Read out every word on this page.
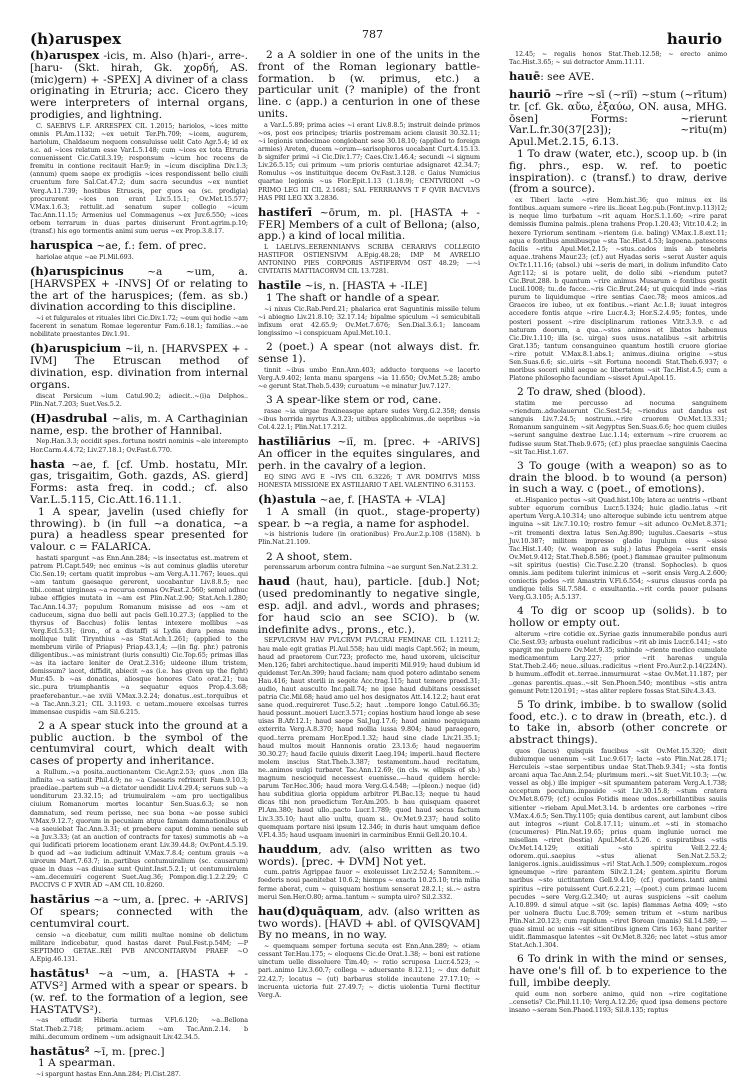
(h)aruspex	787	haurio

(h)aruspex -icis, m. Also (h)ari-, arre-. [haru- (Skt. hirah, Gk. χορδή, AS. (mic)gern) + -SPEX] A diviner of a class originating in Etruria; acc. Cicero they were interpreters of internal organs, prodigies, and lightning.

C. SAEBIVS L.F. ARRESPEX CIL 1.2015; hariolos, ~ices mitte omnis Pl.Am.1132; ~ex uetuit Ter.Ph.709; ~icem, augurem, hariolum, Chaldaeum nequem consuluisse uelit Cato Agr.5.4; id ex s.c. ad ~ices relatum esse Var.L.5.148; cum ~ices ex tota Etruria conuenissent Cic.Catil.3.19; responsum ~icum hoc recens de fremitu in contione recitauit Har.9; in ~icum disciplina Div.1.3; (annum) quem saepe ex prodigiis ~ices respondissent bello ciuili cruentum fore Sal.Cat.47.2; dum sacra secundus ~ex nuntiet Verg.A.11.739; hostibus Etruscis, per quos ea (sc. prodigia) procurarent ~ices non erant Liv.5.15.1; Ov.Met.15.577; V.Max.1.6.3; rettulit..ad senatum super collegio ~icum Tac.Ann.11.15; Armenius uel Commagenus ~ex Juv.6.550; ~ices orbem terrarum in duas partes diuiserunt Front.agrim.p.10; (transf.) his ego tormentis animi sum uerus ~ex Prop.3.8.17.

haruspica ~ae, f.: fem. of prec.

hariolae atque ~ae Pl.Mil.693.

(h)aruspicinus ~a ~um, a. [HARVSPEX + -INVS] Of or relating to the art of the haruspices; (fem. as sb.) divination according to this discipline.

~i et fulgurales et rituales libri Cic.Div.1.72; ~eum qui hodie ~am facerent in senatum Romae legerentur Fam.6.18.1; familias..~ae nobilitate praestantes Div.1.91.

(h)aruspicium ~ii, n. [HARVSPEX + -IVM] The Etruscan method of divination, esp. divination from internal organs.

discat Persicum ~ium Catul.90.2; adiecit..~(i)a Delphos.. Plin.Nat.7.203; Suet.Ves.5.2.

(H)asdrubal ~alis, m. A Carthaginian name, esp. the brother of Hannibal.

Nep.Han.3.3; occidit spes..fortuna nostri nominis ~ale interempto Hor.Carm.4.4.72; Liv.27.18.1; Ov.Fast.6.770.

hasta ~ae, f. [cf. Umb. hostatu, MIr. gas, trisgaitim, Goth. gazds, AS. gierd] Forms: asta freq. in codd.; cf. also Var.L.5.115, Cic.Att.16.11.1.

1 A spear, javelin (used chiefly for throwing). b (in full ~a donatica, ~a pura) a headless spear presented for valour. c = FALARICA.

hastati spargunt ~as Enn.Ann.284; ~is insectatus est..matrem et patrem Pl.Capt.549; nec eminus ~is aut cominus gladiis uteretur Cic.Sen.19; certam quatit improbus ~am Verg.A.11.767; leues..qui ~am tantum gaesaque gererent, uocabantur Liv.8.8.5; nec tibi..comat uirgineas ~a recurua comas Ov.Fast.2.560; semel adhuc iubae effigies mutata in ~am est Plin.Nat.2.90; Stat.Ach.1.280; Tac.Ann.14.37; populum Romanum misisse ad eos ~am et caduceum, signa duo belli aut pacis Gell.10.27.3; (applied to the thyrsus of Bacchus) foliis lentas intexere mollibus ~as Verg.Ecl.5.31; (iron., of a distaff) si Lydia dura pensa manu mollique tulit Tirynthius ~as Stat.Ach.1.261; (applied to the membrum virile of Priapus) Priap.43.1,4; —(in fig. phr.) patronis diligentibus..~as ministrant (iuris consulti) Cic.Top.65; primas illas ~as ita iactare leniter de Orat.2.316; uideone illum tristem, demissum? iacet, diffidit, abiecit ~as (i.e. has given up the fight) Mur.45. b ~as donaticas, aliosque honores Cato orat.21; tua sic..pura triumphantis ~a sequatur equos Prop.4.3.68; praeferebantur..~ae xviii V.Max.3.2.24; donatus..est..torquibus et ~a Tac.Ann.3.21; CIL 3.1193. c uetam..mouere excelsas turres immensae cuspidis ~am Sil.6.215.

2 a A spear stuck into the ground at a public auction. b the symbol of the centumviral court, which dealt with cases of property and inheritance.

a Rullum..~a posita..auctionantem Cic.Agr.2.53; quos ..non illa infinita ~a satiauit Phil.4.9; ne ~a Caesaris refrixerit Fam.9.10.3; praediae..partem sub ~a dictator uendidit Liv.4.29.4; seruos sub ~a uenditurum 23.32.15; ad triumuiralem ~am pro uectigalibus ciuium Romanorum mortes locantur Sen.Suas.6.3; se non damnatum, sed reum perisse, nec sua bona ~ae posse subici V.Max.9.12.7; quorum in pecuniam atque famam damnationibus et ~a saeuiebat Tac.Ann.3.31; et praebere caput domina uenale sub ~a Juv.3.33; (at an auction of contracts for taxes) summotis ab ~a qui ludificati priorem locationem erant Liv.39.44.8; Ov.Pont.4.5.19. b quod ad ~ae iudicium adtinuit V.Max.7.8.4; centum grauis ~a uirorum Mart.7.63.7; in..partibus centumuiralium (sc. causarum) quae in duas ~as diuisae sunt Quint.Inst.5.2.1; ut centumuiralem ~am..decemuiri cogerent Suet.Aug.36; Pompon.dig.1.2.2.29; C PACCIVS C F XVIR AD ~AM CIL 10.8260.

hastārius ~a ~um, a. [prec. + -ARIVS] Of spears; connected with the centumviral court.

censio ~a dicebatur, cum militi multae nomine ob delictum militare indicebatur, quod hastas daret Paul.Fest.p.54M; —P SEPTIMIO GETAE..REI PVB ANCONITARVM PRAEF ~O A.Epig.46.131.

hastātus¹ ~a ~um, a. [HASTA + -ATVS²] Armed with a spear or spears. b (w. ref. to the formation of a legion, see HASTATVS²).

~as effudit Hiberia turmas V.Fl.6.120; ~a..Bellona Stat.Theb.2.718; primam..aciem ~am Tac.Ann.2.14. b mihi..decumum ordinem ~um adsignauit Liv.42.34.5.

hastātus² ~ī, m. [prec.]

1 A spearman.

~i spargunt hastas Enn.Ann.284; Pl.Cist.287.

2 a A soldier in one of the units in the front of the Roman legionary battle-formation. b (w. primus, etc.) a particular unit (? maniple) of the front line. c (app.) a centurion in one of these units.

a Var.L.5.89; prima acies ~i erant Liv.8.8.5; instruit deinde primos ~os, post eos principes; triariis postremam aciem clausit 30.32.11; ~i legionis undecimae conglobant sese 30.18.10; (applied to foreign armies) Areten, ducem ~orum—sarisophoros uocabant Curt.4.15.13. b signifer primi ~i Cic.Div.1.77; Caes.Civ.1.46.4; secundi ~i signum Liv.26.5.15; cui primum ~um prioris centuriae adsignaret 42.34.7; Romulus ~os instituitque decem Ov.Fast.3.128. c Gaius Numicius quartae legionis ~us Flor.Epit.1.13 (1.18.9); CENTVRIONI ~O PRIMO LEG III CIL 2.1681; SAL FERRRANVS T F QVIR BACVLVS HAS PRI LEG XX 3.2836.

hastiferī ~ōrum, m. pl. [HASTA + -FER] Members of a cult of Bellona; (also, app.) a kind of local militia.

L LAELIVS..EERENNIANVS SCRIBA CERARIVS COLLEGIO HASTIFOR OSTIENSIVM A.Epig.48.28; IMP M AVRELIO ANTONINO PIES CORPORIS ASTIFERVM OST 48.29; —~i CIVITATIS MATTIACORVM CIL 13.7281.

hastīle ~is, n. [HASTA + -ILE]

1 The shaft or handle of a spear.

~i nixus Cic.Rab.Perd.21; phalarica erat Saguntinis missile telum ~i abiegno Liv.21.8.10; 32.17.14; bipalme spiculum ~i semicubitali infixum erat 42.65.9; Ov.Met.7.676; Sen.Dial.3.6.1; lanceam longissimo ~i conspicuam Apul.Met.10.1.

2 (poet.) A spear (not always dist. fr. sense 1).

tinnit ~ibus umbo Enn.Ann.403; adducto torquens ~e lacerto Verg.A.9.402; lenta manu spargens ~ia 11.650; Ov.Met.5.28; ambo ~e gerunt Stat.Theb.5.439; curuatum ~e minatur Juv.7.127.

3 A spear-like stem or rod, cane.

rasae ~ia uirgae fraxineasque aptare sudes Verg.G.2.358; densis ~ibus horrida myrtus A.3.23; uitibus applicabimus..de uepribus ~ia Col.4.22.1; Plin.Nat.17.212.

hastīliārius ~iī, m. [prec. + -ARIVS] An officer in the equites singulares, and perh. in the cavalry of a legion.

EQ SING AVG E ~IVS CIL 6.3226; T AVR DOMITVS MISS HONESTA MISSIONE EX ASTILIARIO T AEL VALENTINO 6.31153.

(h)astula ~ae, f. [HASTA + -VLA]

1 A small (in quot., stage-property) spear. b ~a regia, a name for asphodel.

~is histrionis ludere (in orationibus) Fro.Aur.2.p.108 (158N). b Plin.Nat.21.109.

2 A shoot, stem.

perenssarum arborum contra fulmina ~ae surgunt Sen.Nat.2.31.2.

haud (haut, hau), particle. [dub.] Not; (used predominantly to negative single, esp. adjl. and advl., words and phrases; for haud scio an see SCIO). b (w. indefinite advs., prons., etc.).

SEPVLCRVM HAV PVLCRVM PVLCRAI FEMINAE CIL 1.1211.2; hau male egit gratias Pl.Aul.558; hau uidi magis Capt.562; in meum, haud ad praetorem Cur.723; profecto me, haud uxorem, ulciscitur Men.126; fabri architectique..haud imperiti Mil.919; haud dubium id quidemst Ter.An.399; haud faciam; nam quod potero adintabo senem Hau.416; haut sterili in segete Acc.trag.115; haut temere praed.31; audio, haut ausculto Inc.pall.74; ne ipse haud dubitans cessisset patria Cic.Mil.68; haud amo uel hos designatos Att.14.12.2; haut erat sane quod..requireret Tusc.5.2; haut ..tempore longo Catul.66.35; haud possunt..moueri Lucr.3.571; copias hostium haud longe ab sese uisas B.Afr.12.1; haud saepe Sal.Jug.17.6; haud animo nequiquam exterrita Verg.A.8.370; haud mollia iussa 9.804; haud paraegero, quod..terra premam Hor.Epod.1.32; haud sine clade Liv.21.35.1; haud multos mouit Hannonis oratio 23.13.6; haud negauerim 30.30.27; haud facile quiuis dixerit Laeg.194; imperii..haud flectere molem inscius Stat.Theb.3.387; testamentum..haud recitatum, ne..animos uulgi turbaret Tac.Ann.12.69; (in cls. w. ellipsis of sb.) magnum nescioquid necessest euenisse..—haud quidem hercle: parum Ter.Hec.306; haud mora Verg.G.4.548; —(pleon.) neque (id) hau subditiua gloria oppidum arbitror Pl.Bac.13; neque tu haud dicas tibi non praedictum Ter.Am.205. b hau quisquam quaeret Pl.Am.380; haud ullo..pacto Lucr.1.789; quod haud secus factum Liv.3.35.10; haut alio uultu, quam si.. Ov.Met.9.237; haud solito quemquam portare nisi ipsum 12.346; in duris haut umquam defice V.Fl.4.35; haud usquam inueniri in carminibus Ennii Gell.20.10.4.

hauddum, adv. (also written as two words). [prec. + DVM] Not yet.

cum..patris Agrippae fauor ~ exoleuisset Liv.2.52.4; Samnitem..~ foederis noui paenitebat 10.6.2; hiemps ~ exacta 10.25.10; tria milia ferme aberat, cum ~ quisquam hostium senserat 28.2.1; si..~ astra merui Sen.Her.O.80; arma..tantum ~ sumpta uiro? Sil.2.332.

hau(d)quāquam, adv. (also written as two words). [HAVD + abl. of QVISQVAM] By no means, in no way.

~ quemquam semper fortuna secuta est Enn.Ann.289; ~ etiam cessant Ter.Hau.175; ~ eloquens Cic.de Orat.1.38; ~ boni est ratione uinctum uelle dissoluere Tim.40; ~ ratio scruposa Lucr.4.523; ~ pari..animo Liv.3.60.7; collega ~ aduersante 8.12.11; ~ dux defuit 22.42.7; locatus ~ (ut) barbarus stolide incautene 27.17.10; ~ incruenta uictoria fuit 27.49.7; ~ dictis uiolentia Turni flectitur Verg.A.

12.45; ~ regalis honos Stat.Theb.12.58; ~ erecto animo Tac.Hist.3.65; ~ sui detractor Amm.11.11.

hauē: see AVE.

hauriō ~rīre ~sī (~riī) ~stum (~rītum) tr. [cf. Gk. αὔω, ἐξαύω, ON. ausa, MHG. ōsen] Forms: ~rierunt Var.L.fr.30(37[23]); ~ritu(m) Apul.Met.2.15, 6.13.

1 To draw (water, etc.), scoop up. b (in fig. phrs., esp. w. ref. to poetic inspiration). c (transf.) to draw, derive (from a source).

ex Tiberi lacte ~rire Hem.hist.36; quo minus ex iis fontibus..aquam sumere ~rire iis..liceat Leg.pub.(Font.inv.p.113)12; is neque limo turbatum ~rit aquam Hor.S.1.1.60; ~rire parat demissis flumina palmis..plena trahens Prop.1.20.43; Vitr.10.4.2; in hexere Tyriorum sentinam ~rientem (i.e. baling) V.Max.1.8.ext.11; aqua e fontibus amnibusque ~sta Tac.Hist.4.53; lagoena..patescens facilis ~ritu Apul.Met.2.15; ~stus..cados imis ab tenebris aquae..trahens Maur.23; (cf.) aut Hyadas seris ~serat Auster aquis Ov.Tr.1.11.16; (absol.) ubi ~seris de mari, in dolium infundito Cato Agr.112; si is potare uelit, de dolio sibi ~riendum putet? Cic.Brut.288. b quantum ~rire animus Musarum e fontibus gestit Lucil.1008; tu..de facce..~ris Cic.Brut.244; ut quicquid inde ~rias purum te liquidumque ~rire sentias Caec.78; meos amicos..ad Graecos ire iubeo, ut ex fontibus..~riant Ac.1.8; iuuat integros accedere fontis atque ~rire Lucr.4.3; Hor.S.2.4.95; fontes, unde posteri possent ~rire disciplinarum rationes Vitr.3.3.9. c ad naturam deorum, a qua..~stos animos et libatos habemus Cic.Div.1.110; illa (sc. uirga) suos usus..natalibus ~sit arbitriis Grat.135; tantum consanguineo quantum hostili cruore gloriae ~rire potuit V.Max.8.1.abs.1; animus..diuina origine ~stus Sen.Suas.6.6; sic..uiris ~sit Fortuna nocendi Stat.Theb.6.937; e moribus soceri nihil aeque ac libertatem ~sit Tac.Hist.4.5; cum a Platone philosopho facundiam ~sisset Apul.Apol.15.

2 To draw, shed (blood).

statim me percusso ad nocuma sanguinem ~riendum..aduolauerunt Cic.Sest.54; ~riendus aut dandus est sanguis Liv.7.24.5; nostrum..~rire cruorem Ov.Met.13.331; Romanum sanguinem ~sit Aegyptus Sen.Suas.6.6; hoc quem ciuiles ~serunt sanguine dextrae Luc.1.14; externum ~rire cruorem ac fudisse suum Stat.Theb.9.675; (cf.) plus praeclae sanguinis Caecina ~sit Tac.Hist.1.67.

3 To gouge (with a weapon) so as to drain the blood. b to wound (a person) in such a way. c (poet., of emotions).

et..Hispanico pectus ~sit Quad.hist.10b; latera ac uentris ~ribant subter equorum cornibus Lucr.5.1324; huic gladio..latus ~rit apertum Verg.A.10.314; uno alteroque subinde ictu uentrem atque inguina ~sit Liv.7.10.10; rostro femur ~sit adunco Ov.Met.8.371; ~rit trementi dextra latus Sen.Ag.890; iugulus..Caesaris ~stus Juv.10.387; militem impresso gladio iugulum eius ~sisse Tac.Hist.1.40; (w. weapon as subj.) latus Phegeia ~serit ensis Ov.Met.9.412; Stat.Theb.8.586; (poet.) flammae grauiter pulmonum ~sit spiritus (uestis) Cic.Tusc.2.20 (transl. Sophocles). b quos omnis..iam peditem tulerint inimicus et ~serit ensis Verg.A.2.600; coniectis pedes ~rit Amastrin V.Fl.6.554; ~surus clausus corda pa undique telis Sil.7.584. c exsultantia..~rit corda pauor pulsans Verg.G.3.105; A.5.137.

4 To dig or scoop up (solids). b to hollow or empty out.

alterum ~rire cotidie ex..Syriae gazis innumerabile pondus auri Cic.Sest.93; arbusta euelunt radicibus ~rit ab imis Lucr.6.141; ~sto spargit me puluere Ov.Met.9.35; subinde ~riente medico cumulate medicamentum Larg.227; prior ~rit harenas ungula Stat.Theb.2.46; neue..siluas..radicitus ~rient Fro.Aur.2.p.14(224N). b humum..effodit et..terrae..inmurmurat ~stae Ov.Met.11.187; per ..genas parentis..quas..~sit Sen.Phoen.540; montibus ~stis antra gemunt Petr.120.l.91; ~stas aliter replere fossas Stat.Silv.4.3.43.

5 To drink, imbibe. b to swallow (solid food, etc.). c to draw in (breath, etc.). d to take in, absorb (other concrete or abstract things).

quos (lacus) quisquis faucibus ~sit Ov.Met.15.320; dixit dubiumque uenenum ~sit Luc.9.617; lacte ~sto Plin.Nat.28.171; Herculeis ~stae serpentibus undae Stat.Theb.9.341; ~sta fontis arcani aqua Tac.Ann.2.54; plurimum meri..~sit Suet.Vit.10.3; —(w. vessel as obj.) ille impiger ~sit spumantem pateram Verg.A.1.738; acceptum poculum..inpauide ~sit Liv.30.15.8; ~stum cratera Ov.Met.8.679; (cf.) oculos Fotidis meae udos..sorbillantibus sauiis sitienter ~riebam Apul.Met.3.14. b ardentes ore carbones ~rire V.Max.4.6.5; Sen.Thy.1105; quia dentibus carent, aut lambunt cibos aut integros ~riunt Col.8.17.11; uinum..et ~sti in stomacho (cucumeres) Plin.Nat.19.65; prius quam inglunie uoraci me misellam ~riret (bestia) Apul.Met.4.5.26. c suspiratibus ~stis Ov.Met.14.129; exitiali ~sto spiritu Vell.2.22.4; odorem..qui..saepius ~stus alienat Sen.Nat.2.53.2; lanigeros..ignis..auidissimus ~ri! Stat.Ach.1.509; complexum..rogos igneumque ~rire parantem Silv.2.1.24; gentem..spiritu florum naribus ~sto uictitantem Gell.9.4.10; (cf.) quotiens..tanti animi spiritus ~rire potuissent Curt.6.2.21; —(poet.) cum primae lucem pecudes ~sere Verg.G.2.340; ut auras suspiciens ~sit caelum A.10.899. d simul atque ~sit (sc. lapis) flammas Aetna 409; ~sto per uolnera fluctu Luc.8.709; semen tritum et ~stum naribus Plin.Nat.20.123; cum rapidum ~riret Borean (manis) Sil.14.589; —quae simul ac uenis ~sit sitientibus ignem Ciris 163; hanc pariter uidit..flammasque latentes ~sit Ov.Met.8.326; nec latet ~stus amor Stat.Ach.1.304.

6 To drink in with the mind or senses, have one's fill of. b to experience to the full, imbibe deeply.

quid eum non sorbere animo, quid non ~rire cogitatione ..censetis? Cic.Phil.11.10; Verg.A.12.26; quod ipsa demens pectore insano ~seram Sen.Phaed.1193; Sil.8.135; raptus
